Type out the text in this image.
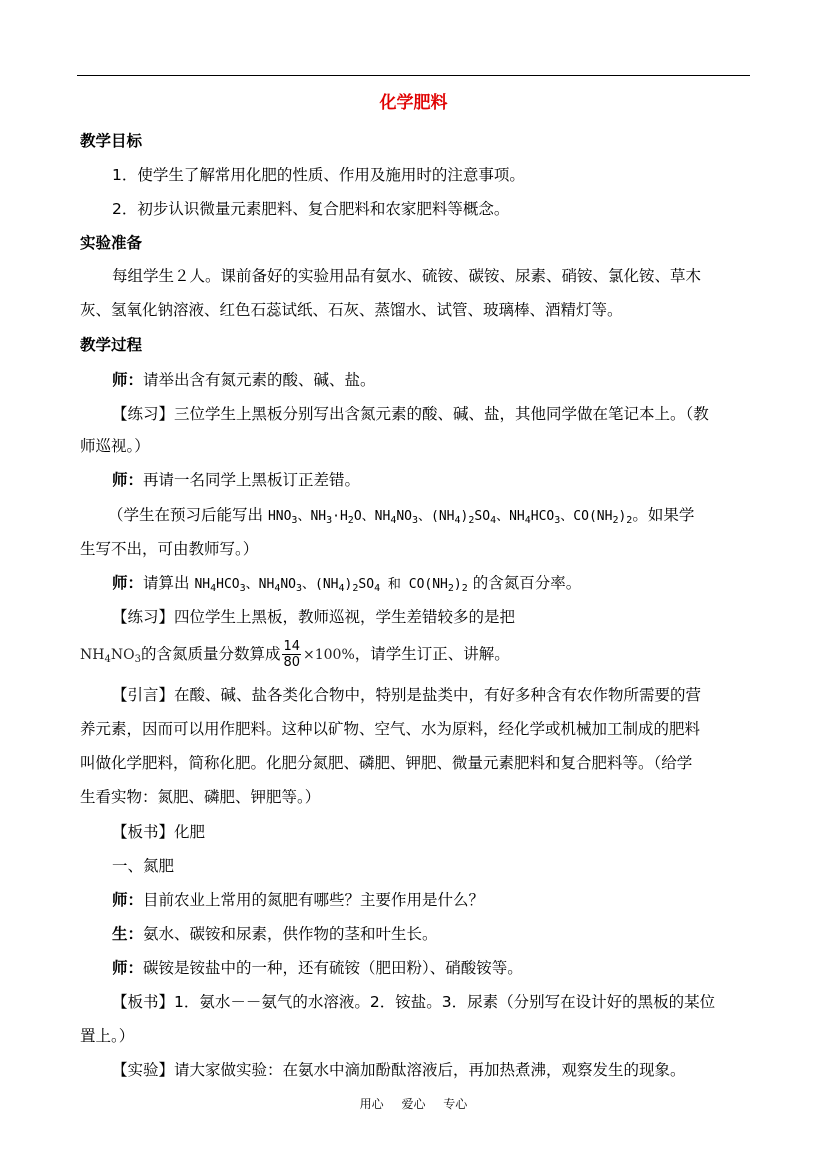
化学肥料
教学目标
1．使学生了解常用化肥的性质、作用及施用时的注意事项。
2．初步认识微量元素肥料、复合肥料和农家肥料等概念。
实验准备
每组学生２人。课前备好的实验用品有氨水、硫铵、碳铵、尿素、硝铵、氯化铵、草木
灰、氢氧化钠溶液、红色石蕊试纸、石灰、蒸馏水、试管、玻璃棒、酒精灯等。
教学过程
师：请举出含有氮元素的酸、碱、盐。
【练习】三位学生上黑板分别写出含氮元素的酸、碱、盐，其他同学做在笔记本上。（教
师巡视。）
师：再请一名同学上黑板订正差错。
（学生在预习后能写出 $HNO_3$、$NH_3\cdot H_2O$、$NH_4NO_3$、$(NH_4)_2SO_4$、$NH_4HCO_3$、$CO(NH_2)_2$。如果学
生写不出，可由教师写。）
师：请算出 $NH_4HCO_3$、$NH_4NO_3$、$(NH_4)_2SO_4$ 和 $CO(NH_2)_2$ 的含氮百分率。
【练习】四位学生上黑板，教师巡视，学生差错较多的是把
$NH_4NO_3$的含氮质量分数算成 $\frac{14}{80} \times 100\%$，请学生订正、讲解。
【引言】在酸、碱、盐各类化合物中，特别是盐类中，有好多种含有农作物所需要的营
养元素，因而可以用作肥料。这种以矿物、空气、水为原料，经化学或机械加工制成的肥料
叫做化学肥料，简称化肥。化肥分氮肥、磷肥、钾肥、微量元素肥料和复合肥料等。（给学
生看实物：氮肥、磷肥、钾肥等。）
【板书】化肥
一、氮肥
师：目前农业上常用的氮肥有哪些？主要作用是什么？
生：氨水、碳铵和尿素，供作物的茎和叶生长。
师：碳铵是铵盐中的一种，还有硫铵（肥田粉）、硝酸铵等。
【板书】1．氨水－－氨气的水溶液。2．铵盐。3．尿素（分别写在设计好的黑板的某位
置上。）
【实验】请大家做实验：在氨水中滴加酚酞溶液后，再加热煮沸，观察发生的现象。
用心 爱心 专心
